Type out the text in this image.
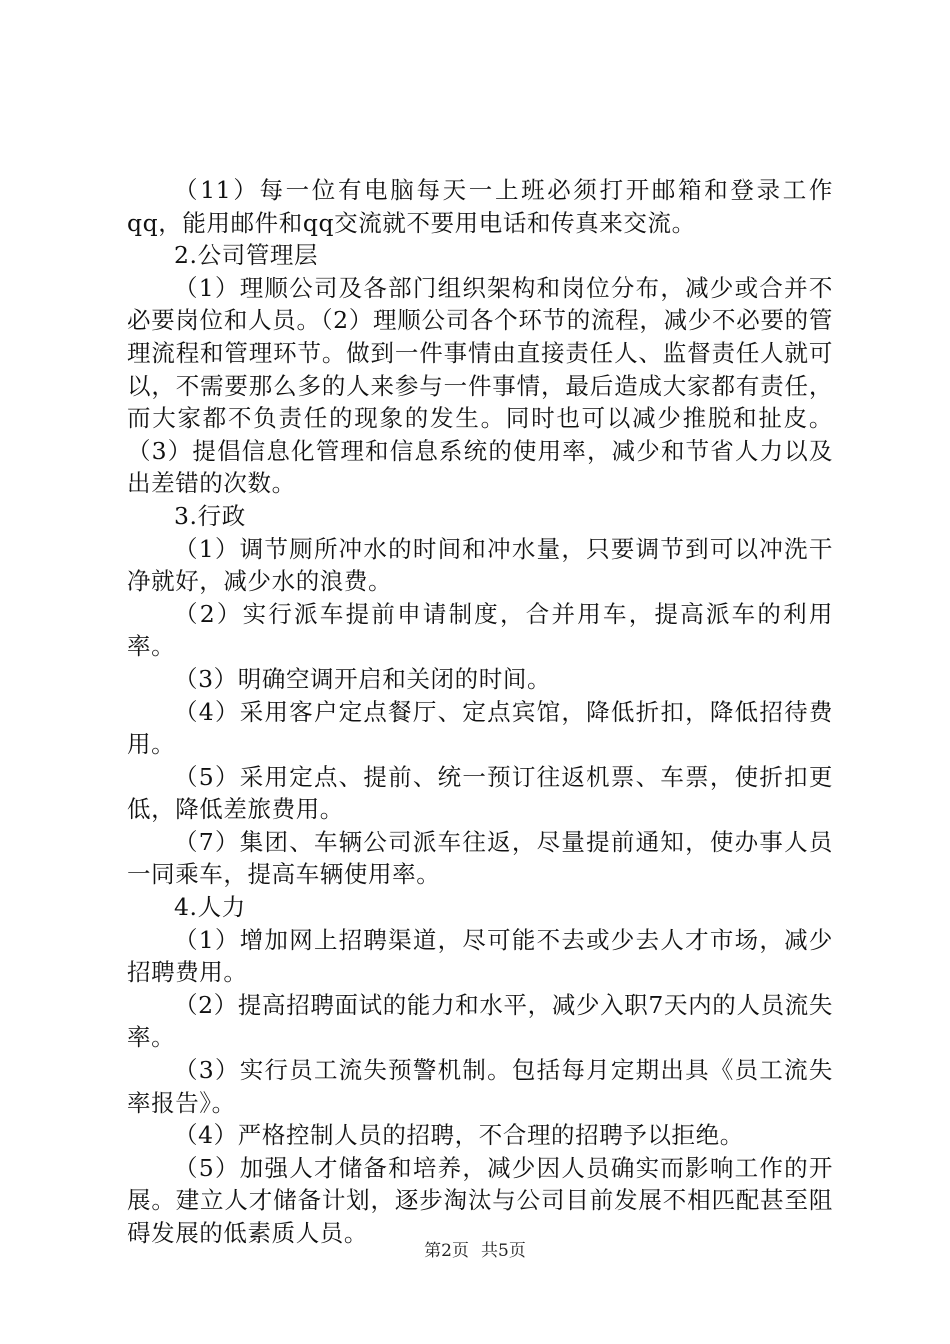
（11）每一位有电脑每天一上班必须打开邮箱和登录工作qq，能用邮件和qq交流就不要用电话和传真来交流。

2.公司管理层

（1）理顺公司及各部门组织架构和岗位分布，减少或合并不必要岗位和人员。（2）理顺公司各个环节的流程，减少不必要的管理流程和管理环节。做到一件事情由直接责任人、监督责任人就可以，不需要那么多的人来参与一件事情，最后造成大家都有责任，而大家都不负责任的现象的发生。同时也可以减少推脱和扯皮。（3）提倡信息化管理和信息系统的使用率，减少和节省人力以及出差错的次数。

3.行政

（1）调节厕所冲水的时间和冲水量，只要调节到可以冲洗干净就好，减少水的浪费。

（2）实行派车提前申请制度，合并用车，提高派车的利用率。

（3）明确空调开启和关闭的时间。

（4）采用客户定点餐厅、定点宾馆，降低折扣，降低招待费用。

（5）采用定点、提前、统一预订往返机票、车票，使折扣更低，降低差旅费用。

（7）集团、车辆公司派车往返，尽量提前通知，使办事人员一同乘车，提高车辆使用率。

4.人力

（1）增加网上招聘渠道，尽可能不去或少去人才市场，减少招聘费用。

（2）提高招聘面试的能力和水平，减少入职7天内的人员流失率。

（3）实行员工流失预警机制。包括每月定期出具《员工流失率报告》。

（4）严格控制人员的招聘，不合理的招聘予以拒绝。

（5）加强人才储备和培养，减少因人员确实而影响工作的开展。建立人才储备计划，逐步淘汰与公司目前发展不相匹配甚至阻碍发展的低素质人员。

第2页 共5页
